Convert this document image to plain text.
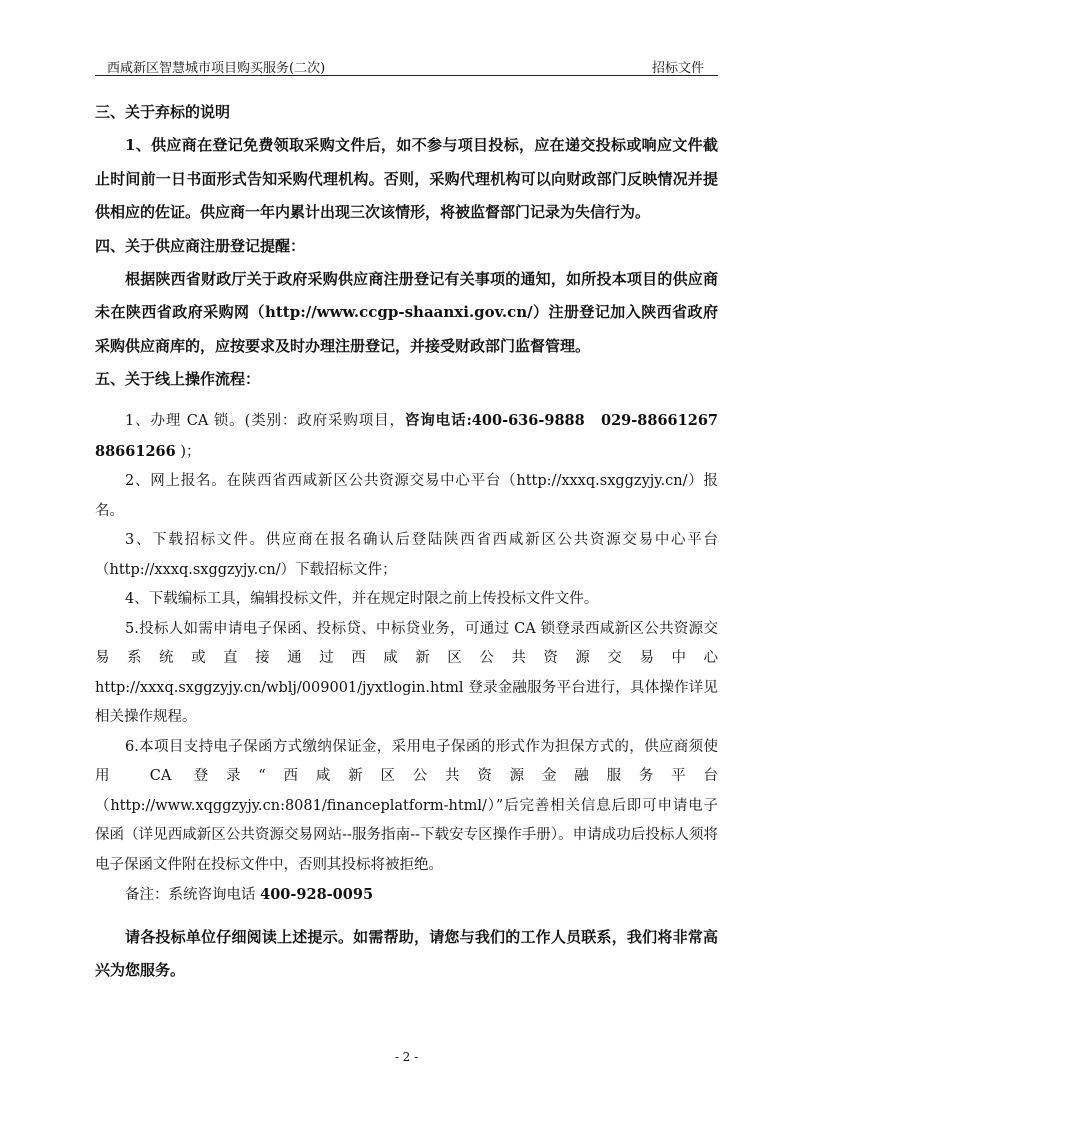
西咸新区智慧城市项目购买服务(二次)	招标文件

三、关于弃标的说明

1、供应商在登记免费领取采购文件后，如不参与项目投标，应在递交投标或响应文件截止时间前一日书面形式告知采购代理机构。否则，采购代理机构可以向财政部门反映情况并提供相应的佐证。供应商一年内累计出现三次该情形，将被监督部门记录为失信行为。

四、关于供应商注册登记提醒：

根据陕西省财政厅关于政府采购供应商注册登记有关事项的通知，如所投本项目的供应商未在陕西省政府采购网（http://www.ccgp-shaanxi.gov.cn/）注册登记加入陕西省政府采购供应商库的，应按要求及时办理注册登记，并接受财政部门监督管理。

五、关于线上操作流程：

1、办理 CA 锁。(类别：政府采购项目，咨询电话:400-636-9888　029-88661267　88661266 )；

2、网上报名。在陕西省西咸新区公共资源交易中心平台（http://xxxq.sxggzyjy.cn/）报名。

3、下载招标文件。供应商在报名确认后登陆陕西省西咸新区公共资源交易中心平台（http://xxxq.sxggzyjy.cn/）下载招标文件；

4、下载编标工具，编辑投标文件，并在规定时限之前上传投标文件文件。

5.投标人如需申请电子保函、投标贷、中标贷业务，可通过 CA 锁登录西咸新区公共资源交易系统或直接通过西咸新区公共资源交易中心 http://xxxq.sxggzyjy.cn/wblj/009001/jyxtlogin.html 登录金融服务平台进行，具体操作详见相关操作规程。

6.本项目支持电子保函方式缴纳保证金，采用电子保函的形式作为担保方式的，供应商须使用 CA 登录“西咸新区公共资源金融服务平台（http://www.xqggzyjy.cn:8081/financeplatform-html/）”后完善相关信息后即可申请电子保函（详见西咸新区公共资源交易网站--服务指南--下载安专区操作手册）。申请成功后投标人须将电子保函文件附在投标文件中，否则其投标将被拒绝。

备注：系统咨询电话 400-928-0095

请各投标单位仔细阅读上述提示。如需帮助，请您与我们的工作人员联系，我们将非常高兴为您服务。

- 2 -
